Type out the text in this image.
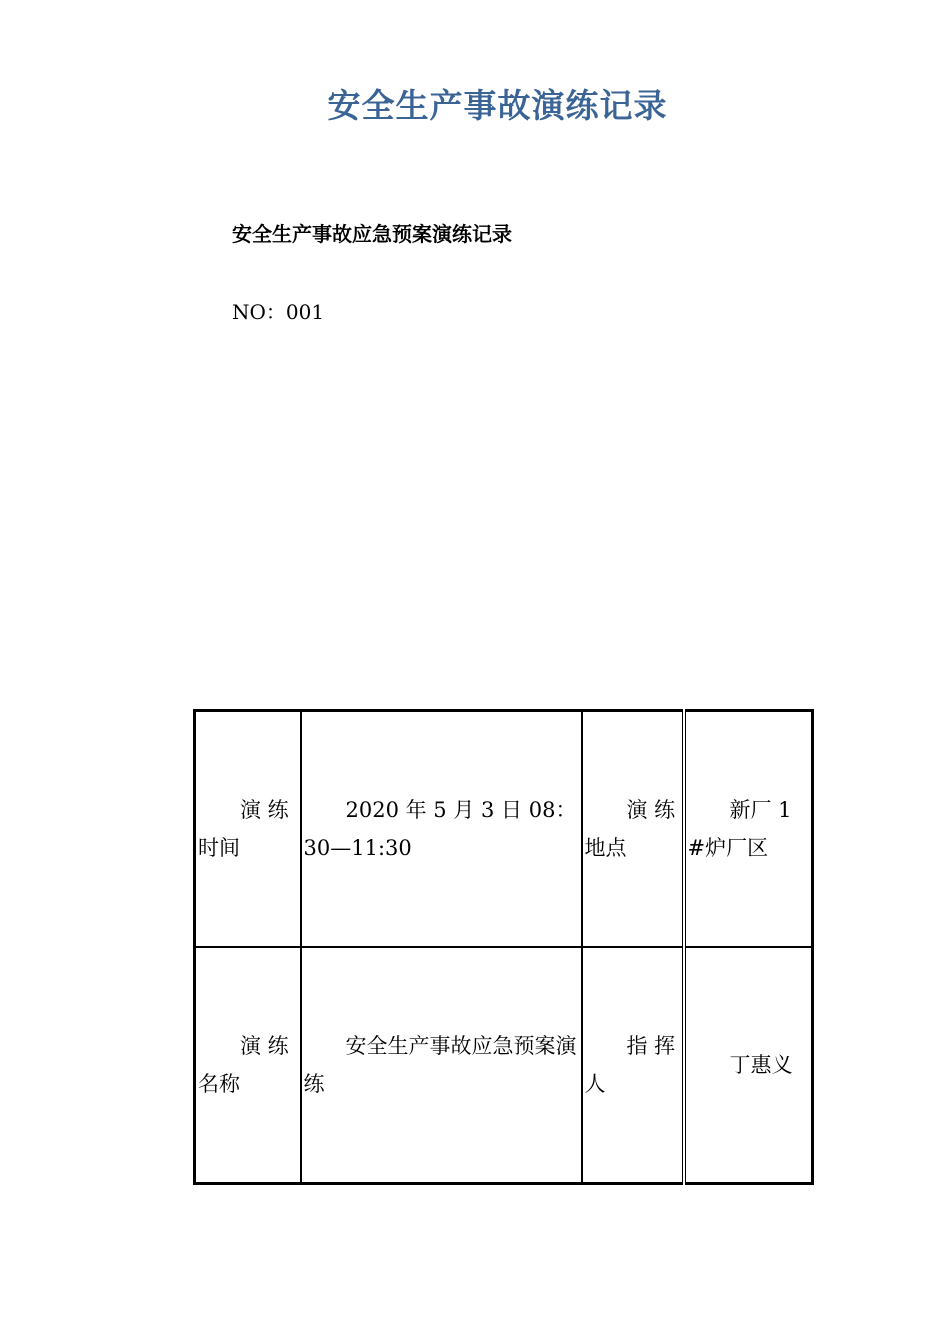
安全生产事故演练记录

安全生产事故应急预案演练记录

NO：001

演 练时间	2020 年 5 月 3 日 08：30—11:30	演 练地点	新厂 1#炉厂区

演 练名称	安全生产事故应急预案演练	指 挥人	丁惠义
